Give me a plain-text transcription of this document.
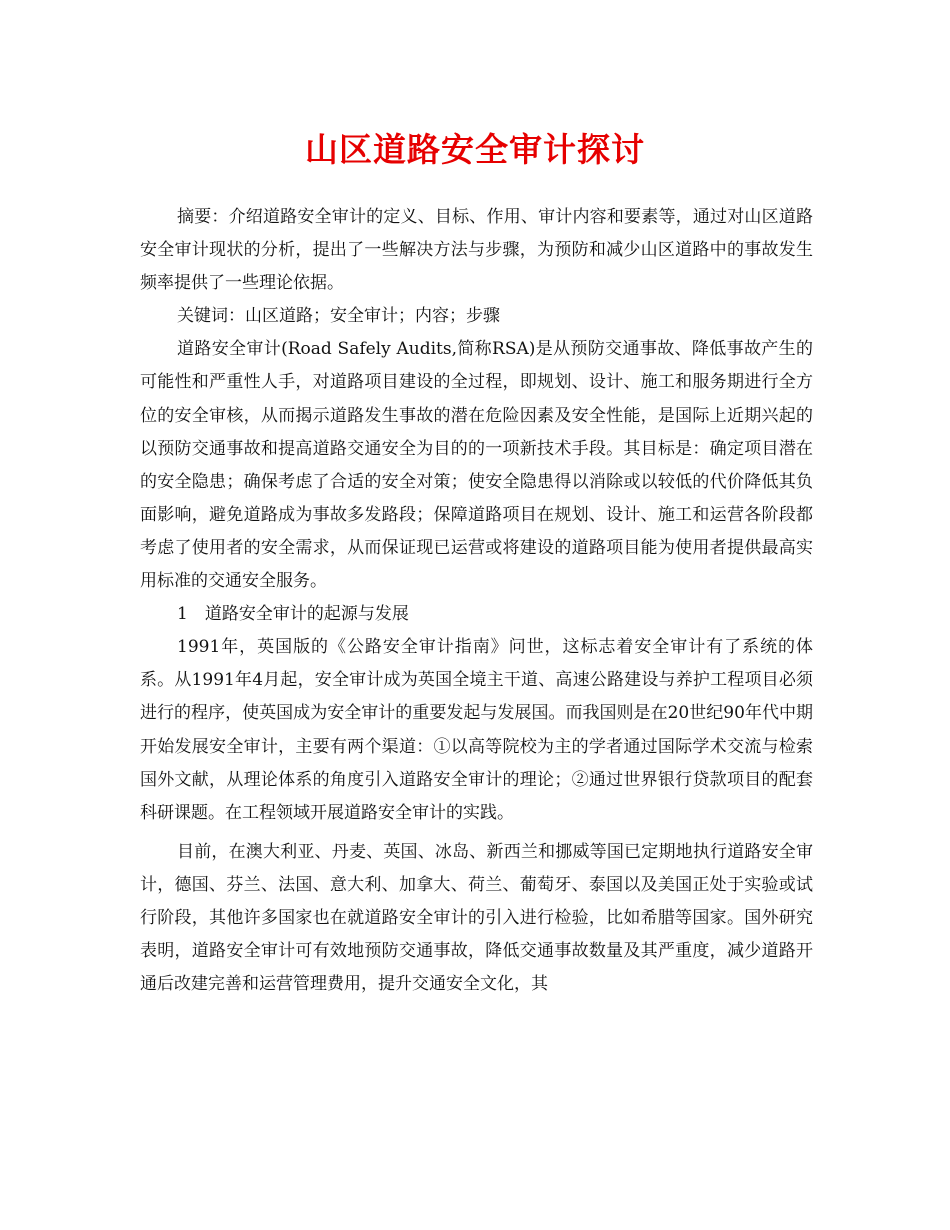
山区道路安全审计探讨

摘要：介绍道路安全审计的定义、目标、作用、审计内容和要素等，通过对山区道路安全审计现状的分析，提出了一些解决方法与步骤，为预防和减少山区道路中的事故发生频率提供了一些理论依据。

关键词：山区道路；安全审计；内容；步骤

道路安全审计(Road Safely Audits,简称RSA)是从预防交通事故、降低事故产生的可能性和严重性人手，对道路项目建设的全过程，即规划、设计、施工和服务期进行全方位的安全审核，从而揭示道路发生事故的潜在危险因素及安全性能，是国际上近期兴起的以预防交通事故和提高道路交通安全为目的的一项新技术手段。其目标是：确定项目潜在的安全隐患；确保考虑了合适的安全对策；使安全隐患得以消除或以较低的代价降低其负面影响，避免道路成为事故多发路段；保障道路项目在规划、设计、施工和运营各阶段都考虑了使用者的安全需求，从而保证现已运营或将建设的道路项目能为使用者提供最高实用标准的交通安全服务。

1　道路安全审计的起源与发展

1991年，英国版的《公路安全审计指南》问世，这标志着安全审计有了系统的体系。从1991年4月起，安全审计成为英国全境主干道、高速公路建设与养护工程项目必须进行的程序，使英国成为安全审计的重要发起与发展国。而我国则是在20世纪90年代中期开始发展安全审计，主要有两个渠道：①以高等院校为主的学者通过国际学术交流与检索国外文献，从理论体系的角度引入道路安全审计的理论；②通过世界银行贷款项目的配套科研课题。在工程领域开展道路安全审计的实践。

目前，在澳大利亚、丹麦、英国、冰岛、新西兰和挪威等国已定期地执行道路安全审计，德国、芬兰、法国、意大利、加拿大、荷兰、葡萄牙、泰国以及美国正处于实验或试行阶段，其他许多国家也在就道路安全审计的引入进行检验，比如希腊等国家。国外研究表明，道路安全审计可有效地预防交通事故，降低交通事故数量及其严重度，减少道路开通后改建完善和运营管理费用，提升交通安全文化，其
